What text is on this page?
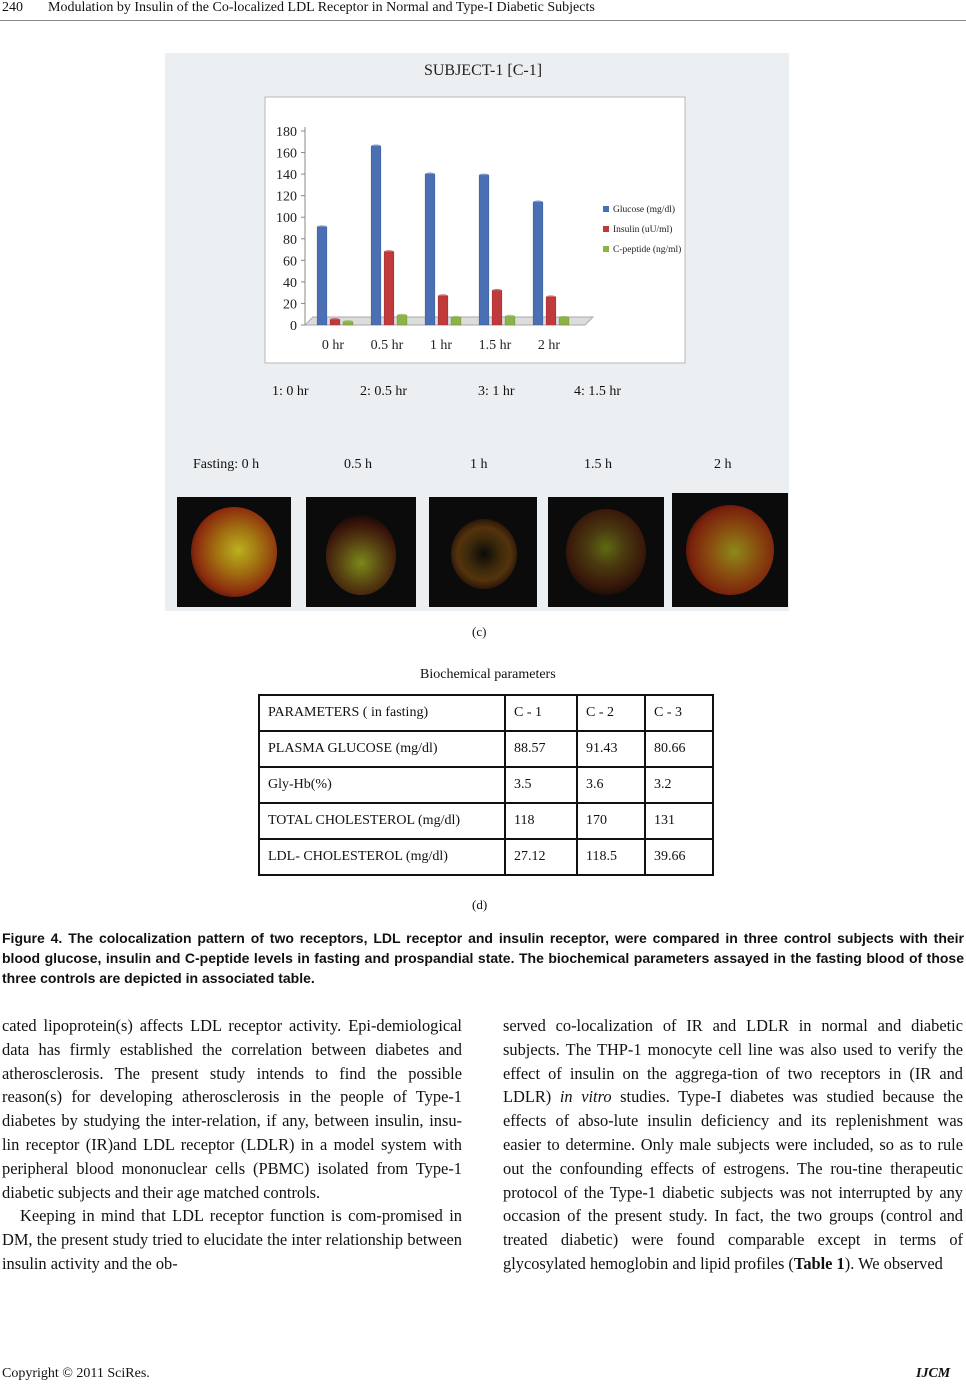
240 Modulation by Insulin of the Co-localized LDL Receptor in Normal and Type-I Diabetic Subjects
SUBJECT-1 [C-1]
0
20
40
60
80
100
120
140
160
180
0 hr 0.5 hr 1 hr 1.5 hr 2 hr
Glucose (mg/dl)
Insulin (uU/ml)
C-peptide (ng/ml)
1: 0 hr	2: 0.5 hr	3: 1 hr	4: 1.5 hr
Fasting: 0 h	0.5 h	1 h	1.5 h	2 h
(c)
Biochemical parameters
PARAMETERS ( in fasting)	C - 1	C - 2	C - 3
PLASMA GLUCOSE (mg/dl)	88.57	91.43	80.66
Gly-Hb(%)	3.5	3.6	3.2
TOTAL CHOLESTEROL (mg/dl)	118	170	131
LDL- CHOLESTEROL (mg/dl)	27.12	118.5	39.66
(d)
Figure 4. The colocalization pattern of two receptors, LDL receptor and insulin receptor, were compared in three control subjects with their blood glucose, insulin and C-peptide levels in fasting and prospandial state. The biochemical parameters assayed in the fasting blood of those three controls are depicted in associated table.

cated lipoprotein(s) affects LDL receptor activity. Epi-demiological data has firmly established the correlation between diabetes and atherosclerosis. The present study intends to find the possible reason(s) for developing atherosclerosis in the people of Type-1 diabetes by studying the inter-relation, if any, between insulin, insu-lin receptor (IR)and LDL receptor (LDLR) in a model system with peripheral blood mononuclear cells (PBMC) isolated from Type-1 diabetic subjects and their age matched controls.

Keeping in mind that LDL receptor function is com-promised in DM, the present study tried to elucidate the inter relationship between insulin activity and the ob-

served co-localization of IR and LDLR in normal and diabetic subjects. The THP-1 monocyte cell line was also used to verify the effect of insulin on the aggrega-tion of two receptors in (IR and LDLR) in vitro studies. Type-I diabetes was studied because the effects of abso-lute insulin deficiency and its replenishment was easier to determine. Only male subjects were included, so as to rule out the confounding effects of estrogens. The rou-tine therapeutic protocol of the Type-1 diabetic subjects was not interrupted by any occasion of the present study. In fact, the two groups (control and treated diabetic) were found comparable except in terms of glycosylated hemoglobin and lipid profiles (Table 1). We observed

Copyright © 2011 SciRes.	IJCM
